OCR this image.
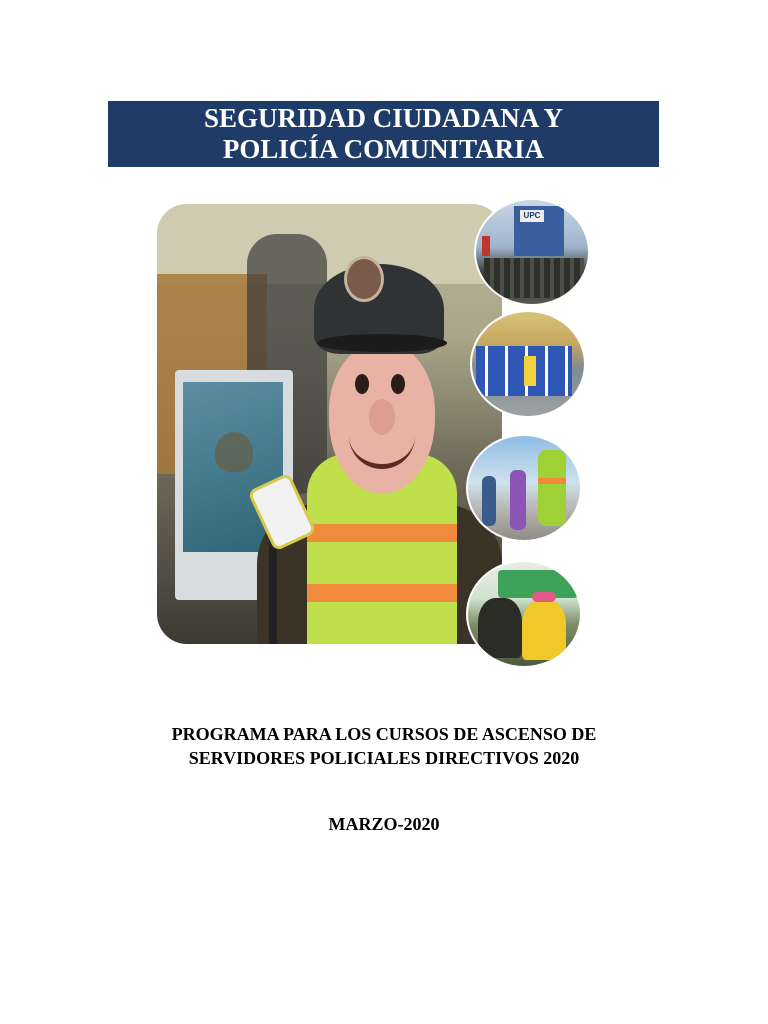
SEGURIDAD CIUDADANA Y
POLICÍA COMUNITARIA
UPC
PROGRAMA PARA LOS CURSOS DE ASCENSO DE
SERVIDORES POLICIALES DIRECTIVOS 2020
MARZO-2020
